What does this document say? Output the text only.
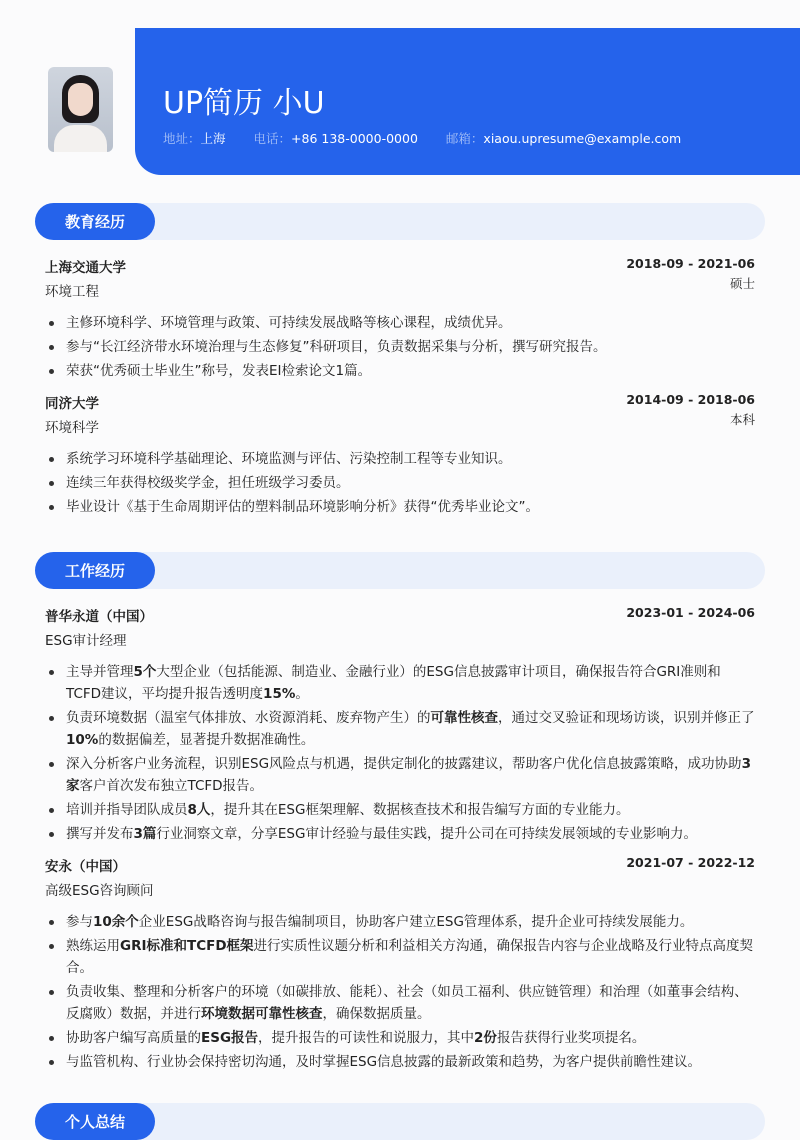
UP简历 小U
地址：上海 电话：+86 138-0000-0000 邮箱：xiaou.upresume@example.com
教育经历
上海交通大学	2018-09 - 2021-06
环境工程
硕士
主修环境科学、环境管理与政策、可持续发展战略等核心课程，成绩优异。
参与“长江经济带水环境治理与生态修复”科研项目，负责数据采集与分析，撰写研究报告。
荣获“优秀硕士毕业生”称号，发表EI检索论文1篇。
同济大学	2014-09 - 2018-06
环境科学
本科
系统学习环境科学基础理论、环境监测与评估、污染控制工程等专业知识。
连续三年获得校级奖学金，担任班级学习委员。
毕业设计《基于生命周期评估的塑料制品环境影响分析》获得“优秀毕业论文”。
工作经历
普华永道（中国）	2023-01 - 2024-06
ESG审计经理
主导并管理5个大型企业（包括能源、制造业、金融行业）的ESG信息披露审计项目，确保报告符合GRI准则和TCFD建议，平均提升报告透明度15%。
负责环境数据（温室气体排放、水资源消耗、废弃物产生）的可靠性核查，通过交叉验证和现场访谈，识别并修正了10%的数据偏差，显著提升数据准确性。
深入分析客户业务流程，识别ESG风险点与机遇，提供定制化的披露建议，帮助客户优化信息披露策略，成功协助3家客户首次发布独立TCFD报告。
培训并指导团队成员8人，提升其在ESG框架理解、数据核查技术和报告编写方面的专业能力。
撰写并发布3篇行业洞察文章，分享ESG审计经验与最佳实践，提升公司在可持续发展领域的专业影响力。
安永（中国）	2021-07 - 2022-12
高级ESG咨询顾问
参与10余个企业ESG战略咨询与报告编制项目，协助客户建立ESG管理体系，提升企业可持续发展能力。
熟练运用GRI标准和TCFD框架进行实质性议题分析和利益相关方沟通，确保报告内容与企业战略及行业特点高度契合。
负责收集、整理和分析客户的环境（如碳排放、能耗）、社会（如员工福利、供应链管理）和治理（如董事会结构、反腐败）数据，并进行环境数据可靠性核查，确保数据质量。
协助客户编写高质量的ESG报告，提升报告的可读性和说服力，其中2份报告获得行业奖项提名。
与监管机构、行业协会保持密切沟通，及时掌握ESG信息披露的最新政策和趋势，为客户提供前瞻性建议。
个人总结
